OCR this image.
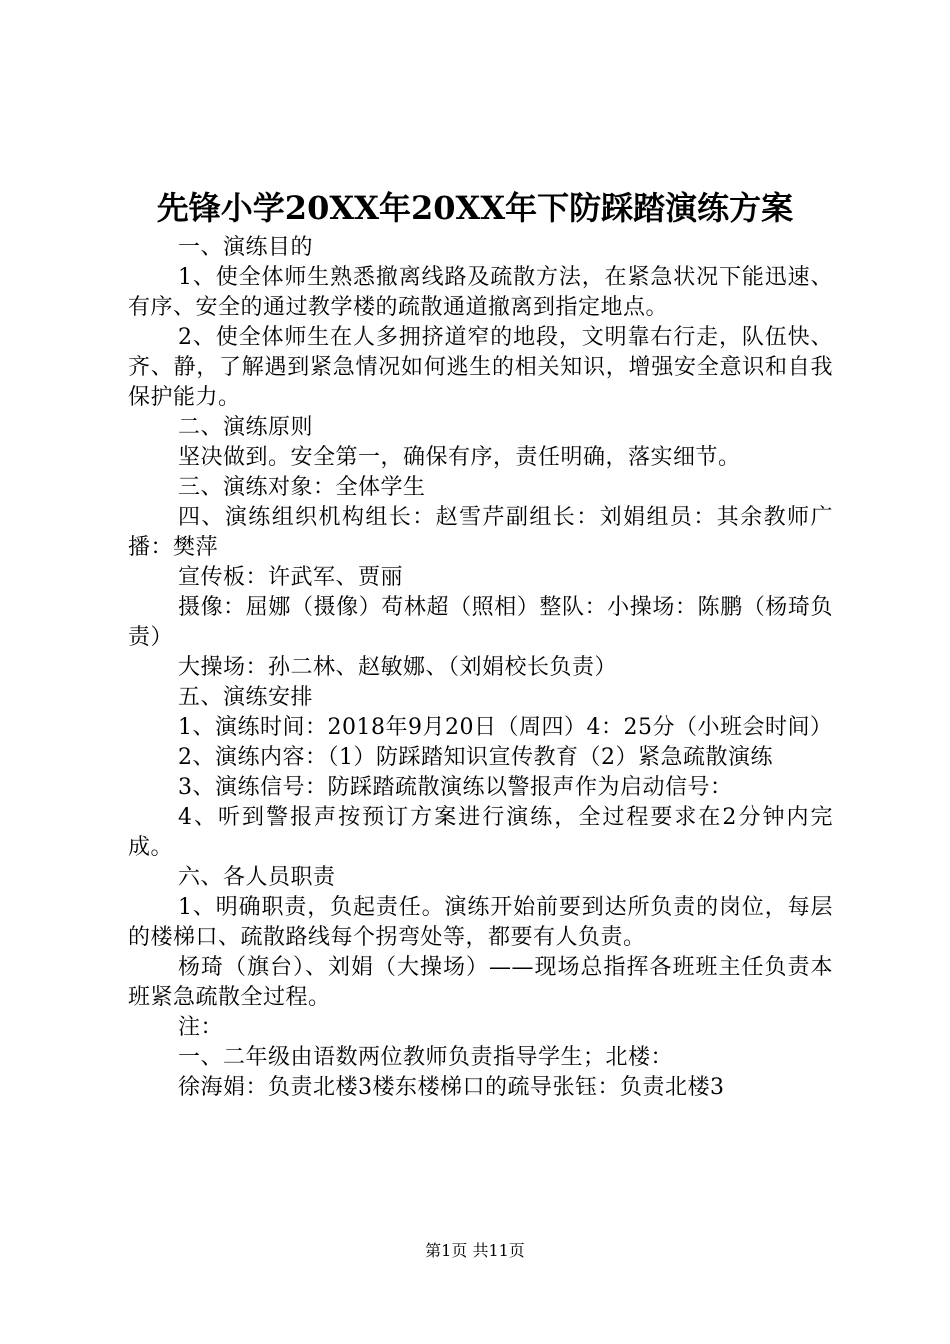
先锋小学20XX年20XX年下防踩踏演练方案

一、演练目的

1、使全体师生熟悉撤离线路及疏散方法，在紧急状况下能迅速、有序、安全的通过教学楼的疏散通道撤离到指定地点。

2、使全体师生在人多拥挤道窄的地段，文明靠右行走，队伍快、齐、静，了解遇到紧急情况如何逃生的相关知识，增强安全意识和自我保护能力。

二、演练原则

坚决做到。安全第一，确保有序，责任明确，落实细节。

三、演练对象：全体学生

四、演练组织机构组长：赵雪芹副组长：刘娟组员：其余教师广播：樊萍

宣传板：许武军、贾丽

摄像：屈娜（摄像）苟林超（照相）整队：小操场：陈鹏（杨琦负责）

大操场：孙二林、赵敏娜、（刘娟校长负责）

五、演练安排

1、演练时间：2018年9月20日（周四）4：25分（小班会时间）

2、演练内容：（1）防踩踏知识宣传教育（2）紧急疏散演练

3、演练信号：防踩踏疏散演练以警报声作为启动信号：

4、听到警报声按预订方案进行演练，全过程要求在2分钟内完成。

六、各人员职责

1、明确职责，负起责任。演练开始前要到达所负责的岗位，每层的楼梯口、疏散路线每个拐弯处等，都要有人负责。

杨琦（旗台）、刘娟（大操场）——现场总指挥各班班主任负责本班紧急疏散全过程。

注：

一、二年级由语数两位教师负责指导学生；北楼：

徐海娟：负责北楼3楼东楼梯口的疏导张钰：负责北楼3

第1页 共11页
